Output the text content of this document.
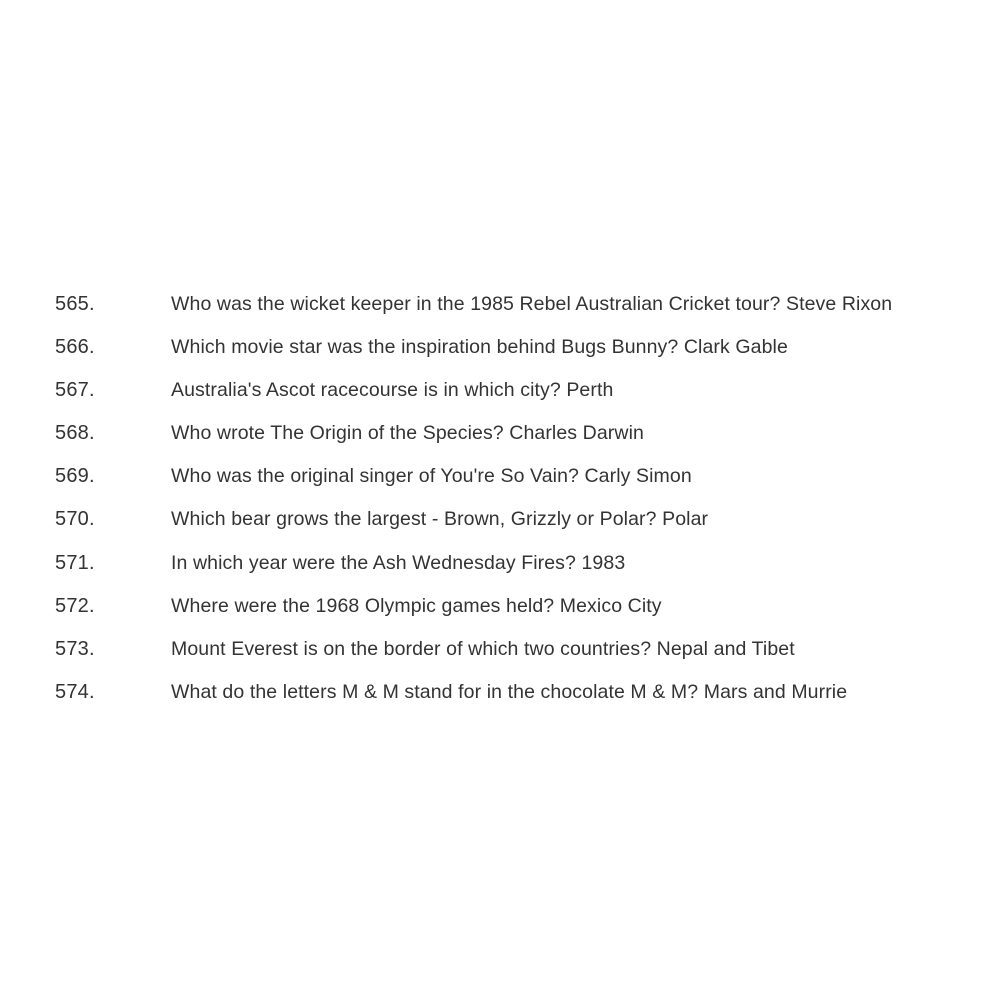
565.	Who was the wicket keeper in the 1985 Rebel Australian Cricket tour? Steve Rixon
566.	Which movie star was the inspiration behind Bugs Bunny? Clark Gable
567.	Australia's Ascot racecourse is in which city? Perth
568.	Who wrote The Origin of the Species? Charles Darwin
569.	Who was the original singer of You're So Vain? Carly Simon
570.	Which bear grows the largest - Brown, Grizzly or Polar? Polar
571.	In which year were the Ash Wednesday Fires? 1983
572.	Where were the 1968 Olympic games held? Mexico City
573.	Mount Everest is on the border of which two countries? Nepal and Tibet
574.	What do the letters M & M stand for in the chocolate M & M? Mars and Murrie
